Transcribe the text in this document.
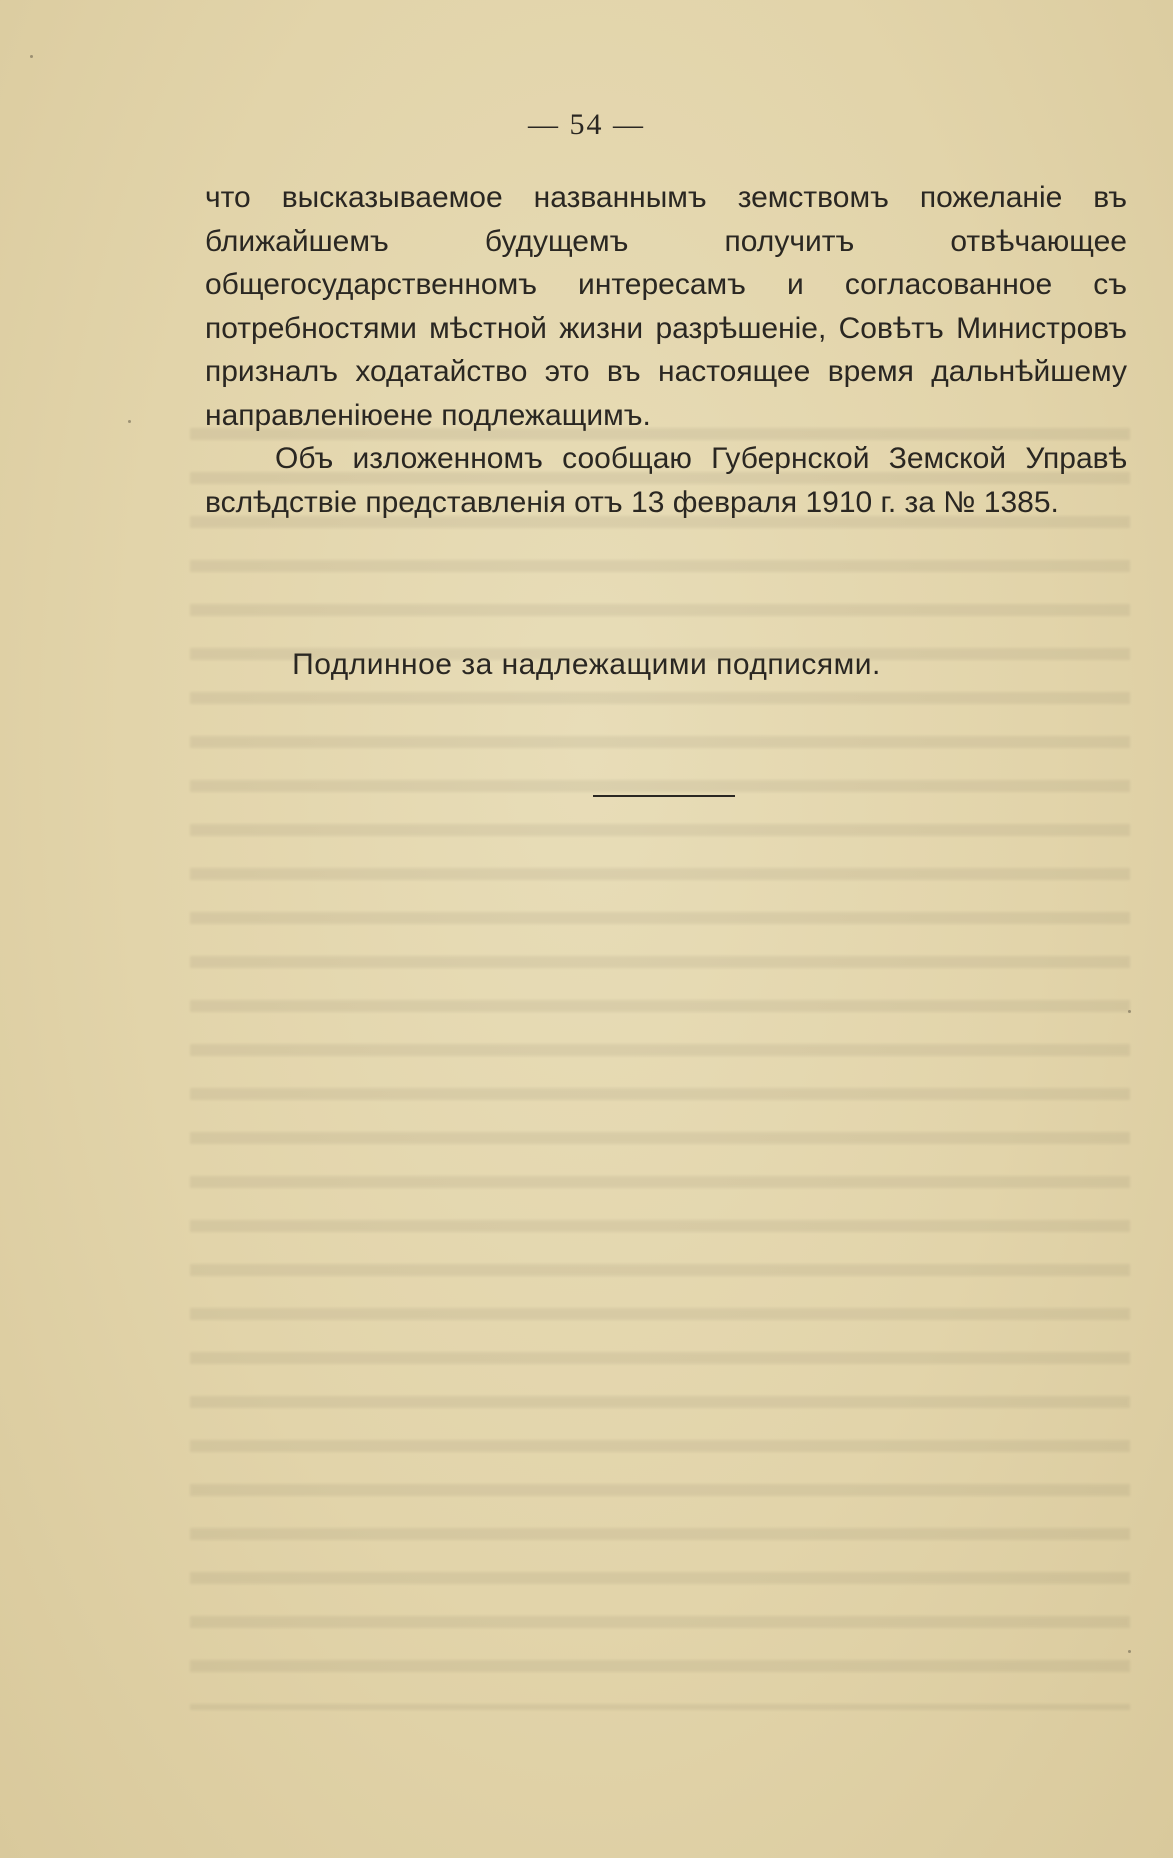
— 54 —

что высказываемое названнымъ земствомъ пожеланіе въ ближайшемъ будущемъ получитъ отвѣчающее общегосударственномъ интересамъ и согласованное съ потребностями мѣстной жизни разрѣшеніе, Совѣтъ Министровъ призналъ ходатайство это въ настоящее время дальнѣйшему направленіюене подлежащимъ.

Объ изложенномъ сообщаю Губернской Земской Управѣ вслѣдствіе представленія отъ 13 февраля 1910 г. за № 1385.

Подлинное за надлежащими подписями.
